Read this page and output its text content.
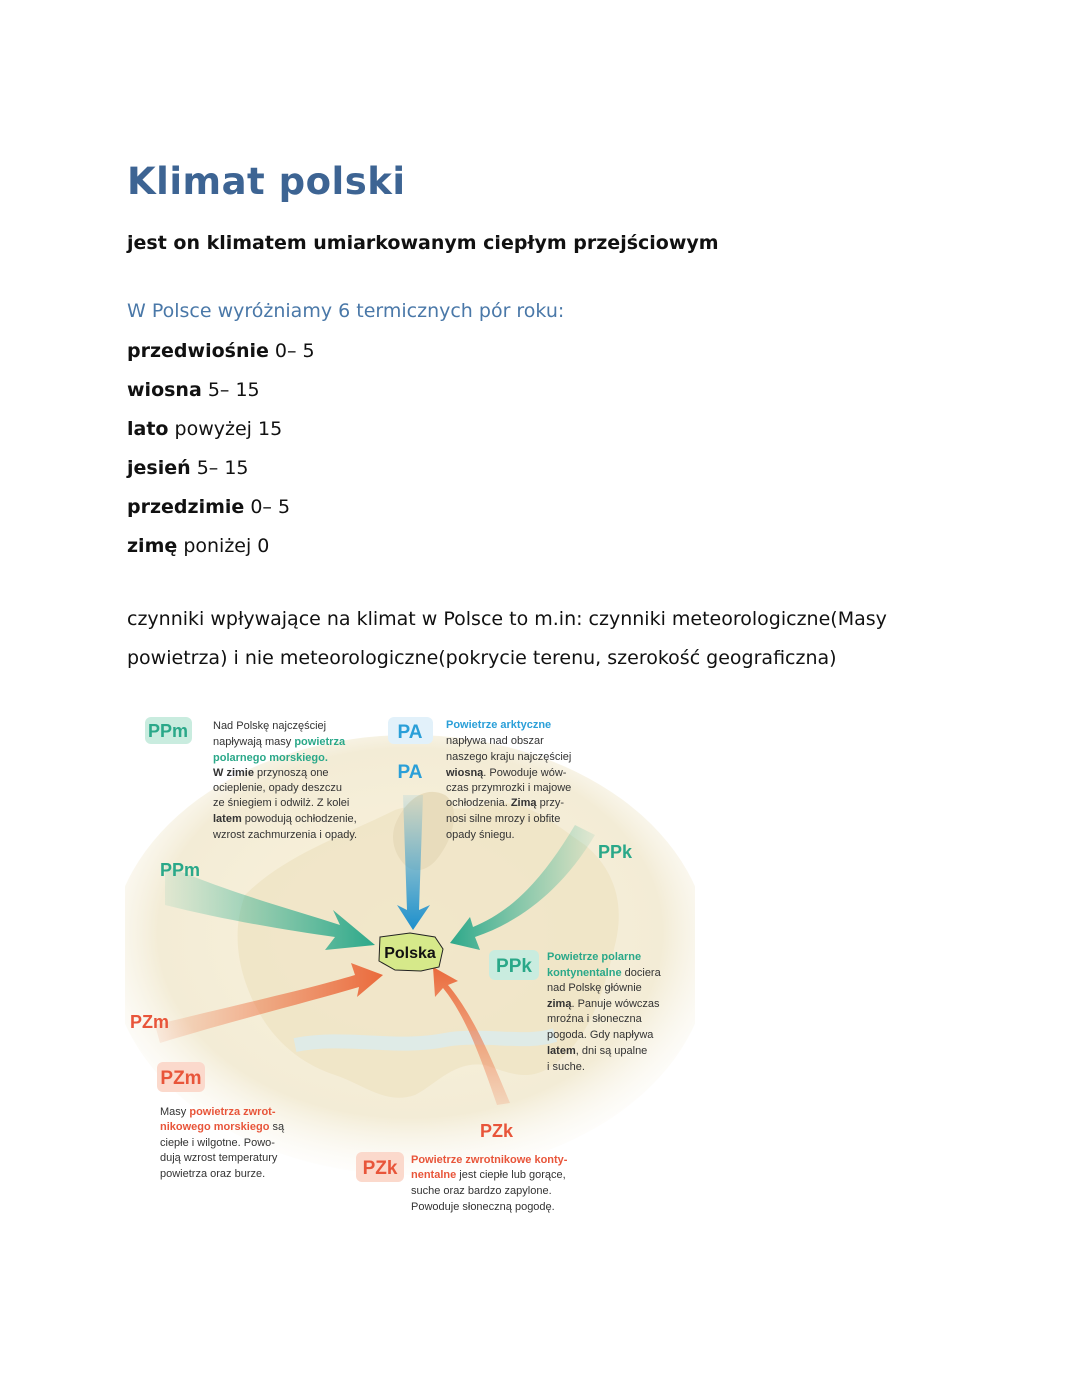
Klimat polski

jest on klimatem umiarkowanym ciepłym przejściowym

W Polsce wyróżniamy 6 termicznych pór roku:

przedwiośnie 0– 5

wiosna 5– 15

lato powyżej 15

jesień 5– 15

przedzimie 0– 5

zimę poniżej 0

czynniki wpływające na klimat w Polsce to m.in: czynniki meteorologiczne(Masy powietrza) i nie meteorologiczne(pokrycie terenu, szerokość geograficzna)

Polska
PPm
PPm
Nad Polskę najczęściej
napływają masy powietrza
polarnego morskiego.
W zimie przynoszą one
ocieplenie, opady deszczu
ze śniegiem i odwilż. Z kolei
latem powodują ochłodzenie,
wzrost zachmurzenia i opady.
PA
PA
Powietrze arktyczne
napływa nad obszar
naszego kraju najczęściej
wiosną. Powoduje wów-
czas przymrozki i majowe
ochłodzenia. Zimą przy-
nosi silne mrozy i obfite
opady śniegu.
PPk
PPk Powietrze polarne
kontynentalne dociera
nad Polskę głównie
zimą. Panuje wówczas
mroźna i słoneczna
pogoda. Gdy napływa
latem, dni są upalne
i suche.
PZm
PZm
Masy powietrza zwrot-
nikowego morskiego są
ciepłe i wilgotne. Powo-
dują wzrost temperatury
powietrza oraz burze.
PZk
PZk Powietrze zwrotnikowe konty-
nentalne jest ciepłe lub gorące,
suche oraz bardzo zapylone.
Powoduje słoneczną pogodę.
